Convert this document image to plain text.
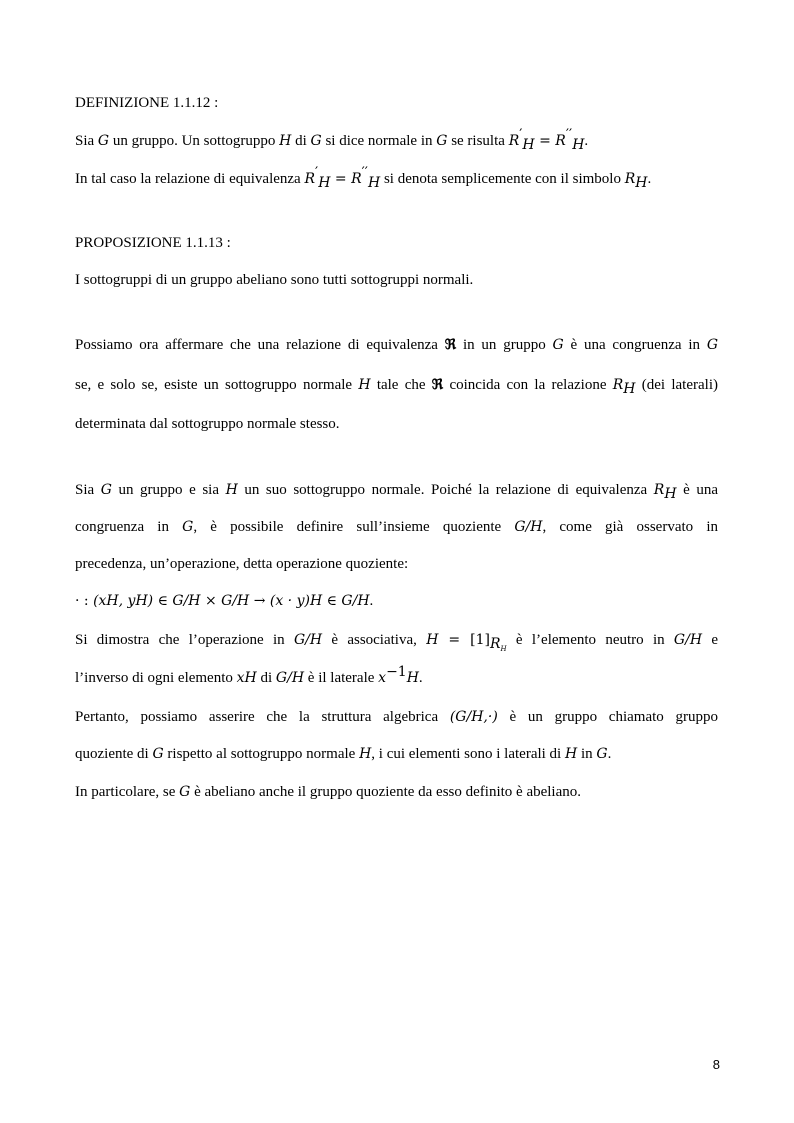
DEFINIZIONE 1.1.12 :

Sia G un gruppo. Un sottogruppo H di G si dice normale in G se risulta $R'_H = R''_H$.

In tal caso la relazione di equivalenza $R'_H = R''_H$ si denota semplicemente con il simbolo $R_H$.

PROPOSIZIONE 1.1.13 :

I sottogruppi di un gruppo abeliano sono tutti sottogruppi normali.

Possiamo ora affermare che una relazione di equivalenza ℜ in un gruppo G è una congruenza in G

se, e solo se, esiste un sottogruppo normale H tale che ℜ coincida con la relazione $R_H$ (dei laterali)

determinata dal sottogruppo normale stesso.

Sia G un gruppo e sia H un suo sottogruppo normale. Poiché la relazione di equivalenza $R_H$ è una

congruenza in G, è possibile definire sull’insieme quoziente G/H, come già osservato in

precedenza, un’operazione, detta operazione quoziente:

· : (xH, yH) ∈ G/H × G/H → (x · y)H ∈ G/H.

Si dimostra che l’operazione in G/H è associativa, $H = [1]_{R_H}$ è l’elemento neutro in G/H e

l’inverso di ogni elemento xH di G/H è il laterale $x^{-1}H$.

Pertanto, possiamo asserire che la struttura algebrica (G/H,·) è un gruppo chiamato gruppo

quoziente di G rispetto al sottogruppo normale H, i cui elementi sono i laterali di H in G.

In particolare, se G è abeliano anche il gruppo quoziente da esso definito è abeliano.

8
